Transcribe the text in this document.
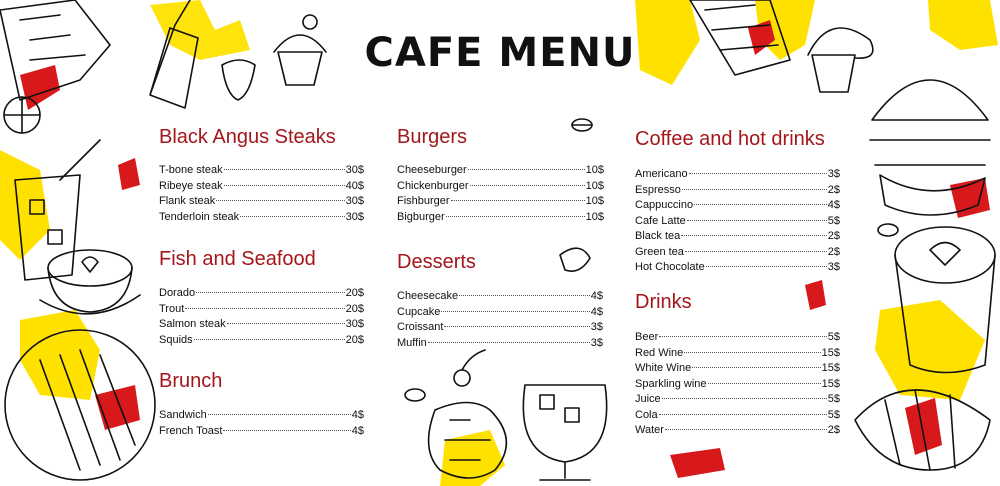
CAFE MENU
Black Angus Steaks
T-bone steak	30$
Ribeye steak	40$
Flank steak	30$
Tenderloin steak	30$
Fish and Seafood
Dorado	20$
Trout	20$
Salmon steak	30$
Squids	20$
Brunch
Sandwich	4$
French Toast	4$
Burgers
Cheeseburger	10$
Chickenburger	10$
Fishburger	10$
Bigburger	10$
Desserts
Cheesecake	4$
Cupcake	4$
Croissant	3$
Muffin	3$
Coffee and hot drinks
Americano	3$
Espresso	2$
Cappuccino	4$
Cafe Latte	5$
Black tea	2$
Green tea	2$
Hot Chocolate	3$
Drinks
Beer	5$
Red Wine	15$
White Wine	15$
Sparkling wine	15$
Juice	5$
Cola	5$
Water	2$
